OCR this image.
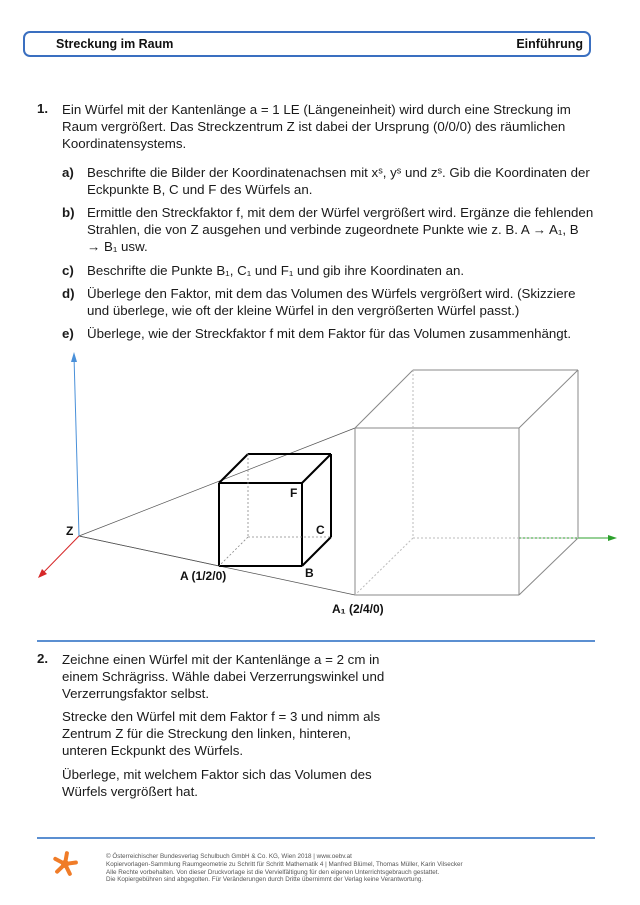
Streckung im Raum	Einführung
1. Ein Würfel mit der Kantenlänge a = 1 LE (Längeneinheit) wird durch eine Streckung im Raum vergrößert. Das Streckzentrum Z ist dabei der Ursprung (0/0/0) des räumlichen Koordinatensystems.
a) Beschrifte die Bilder der Koordinatenachsen mit xˢ, yˢ und zˢ. Gib die Koordinaten der Eckpunkte B, C und F des Würfels an.
b) Ermittle den Streckfaktor f, mit dem der Würfel vergrößert wird. Ergänze die fehlenden Strahlen, die von Z ausgehen und verbinde zugeordnete Punkte wie z. B. A → A₁, B → B₁ usw.
c) Beschrifte die Punkte B₁, C₁ und F₁ und gib ihre Koordinaten an.
d) Überlege den Faktor, mit dem das Volumen des Würfels vergrößert wird. (Skizziere und überlege, wie oft der kleine Würfel in den vergrößerten Würfel passt.)
e) Überlege, wie der Streckfaktor f mit dem Faktor für das Volumen zusammenhängt.
Z
F
C
B
A (1/2/0)
A₁ (2/4/0)
2. Zeichne einen Würfel mit der Kantenlänge a = 2 cm in einem Schrägriss. Wähle dabei Verzerrungswinkel und Verzerrungsfaktor selbst.
Strecke den Würfel mit dem Faktor f = 3 und nimm als Zentrum Z für die Streckung den linken, hinteren, unteren Eckpunkt des Würfels.
Überlege, mit welchem Faktor sich das Volumen des Würfels vergrößert hat.
© Österreichischer Bundesverlag Schulbuch GmbH & Co. KG, Wien 2018 | www.oebv.at
Kopiervorlagen-Sammlung Raumgeometrie zu Schritt für Schritt Mathematik 4 | Manfred Blümel, Thomas Müller, Karin Vilsecker
Alle Rechte vorbehalten. Von dieser Druckvorlage ist die Vervielfältigung für den eigenen Unterrichtsgebrauch gestattet.
Die Kopiergebühren sind abgegolten. Für Veränderungen durch Dritte übernimmt der Verlag keine Verantwortung.
